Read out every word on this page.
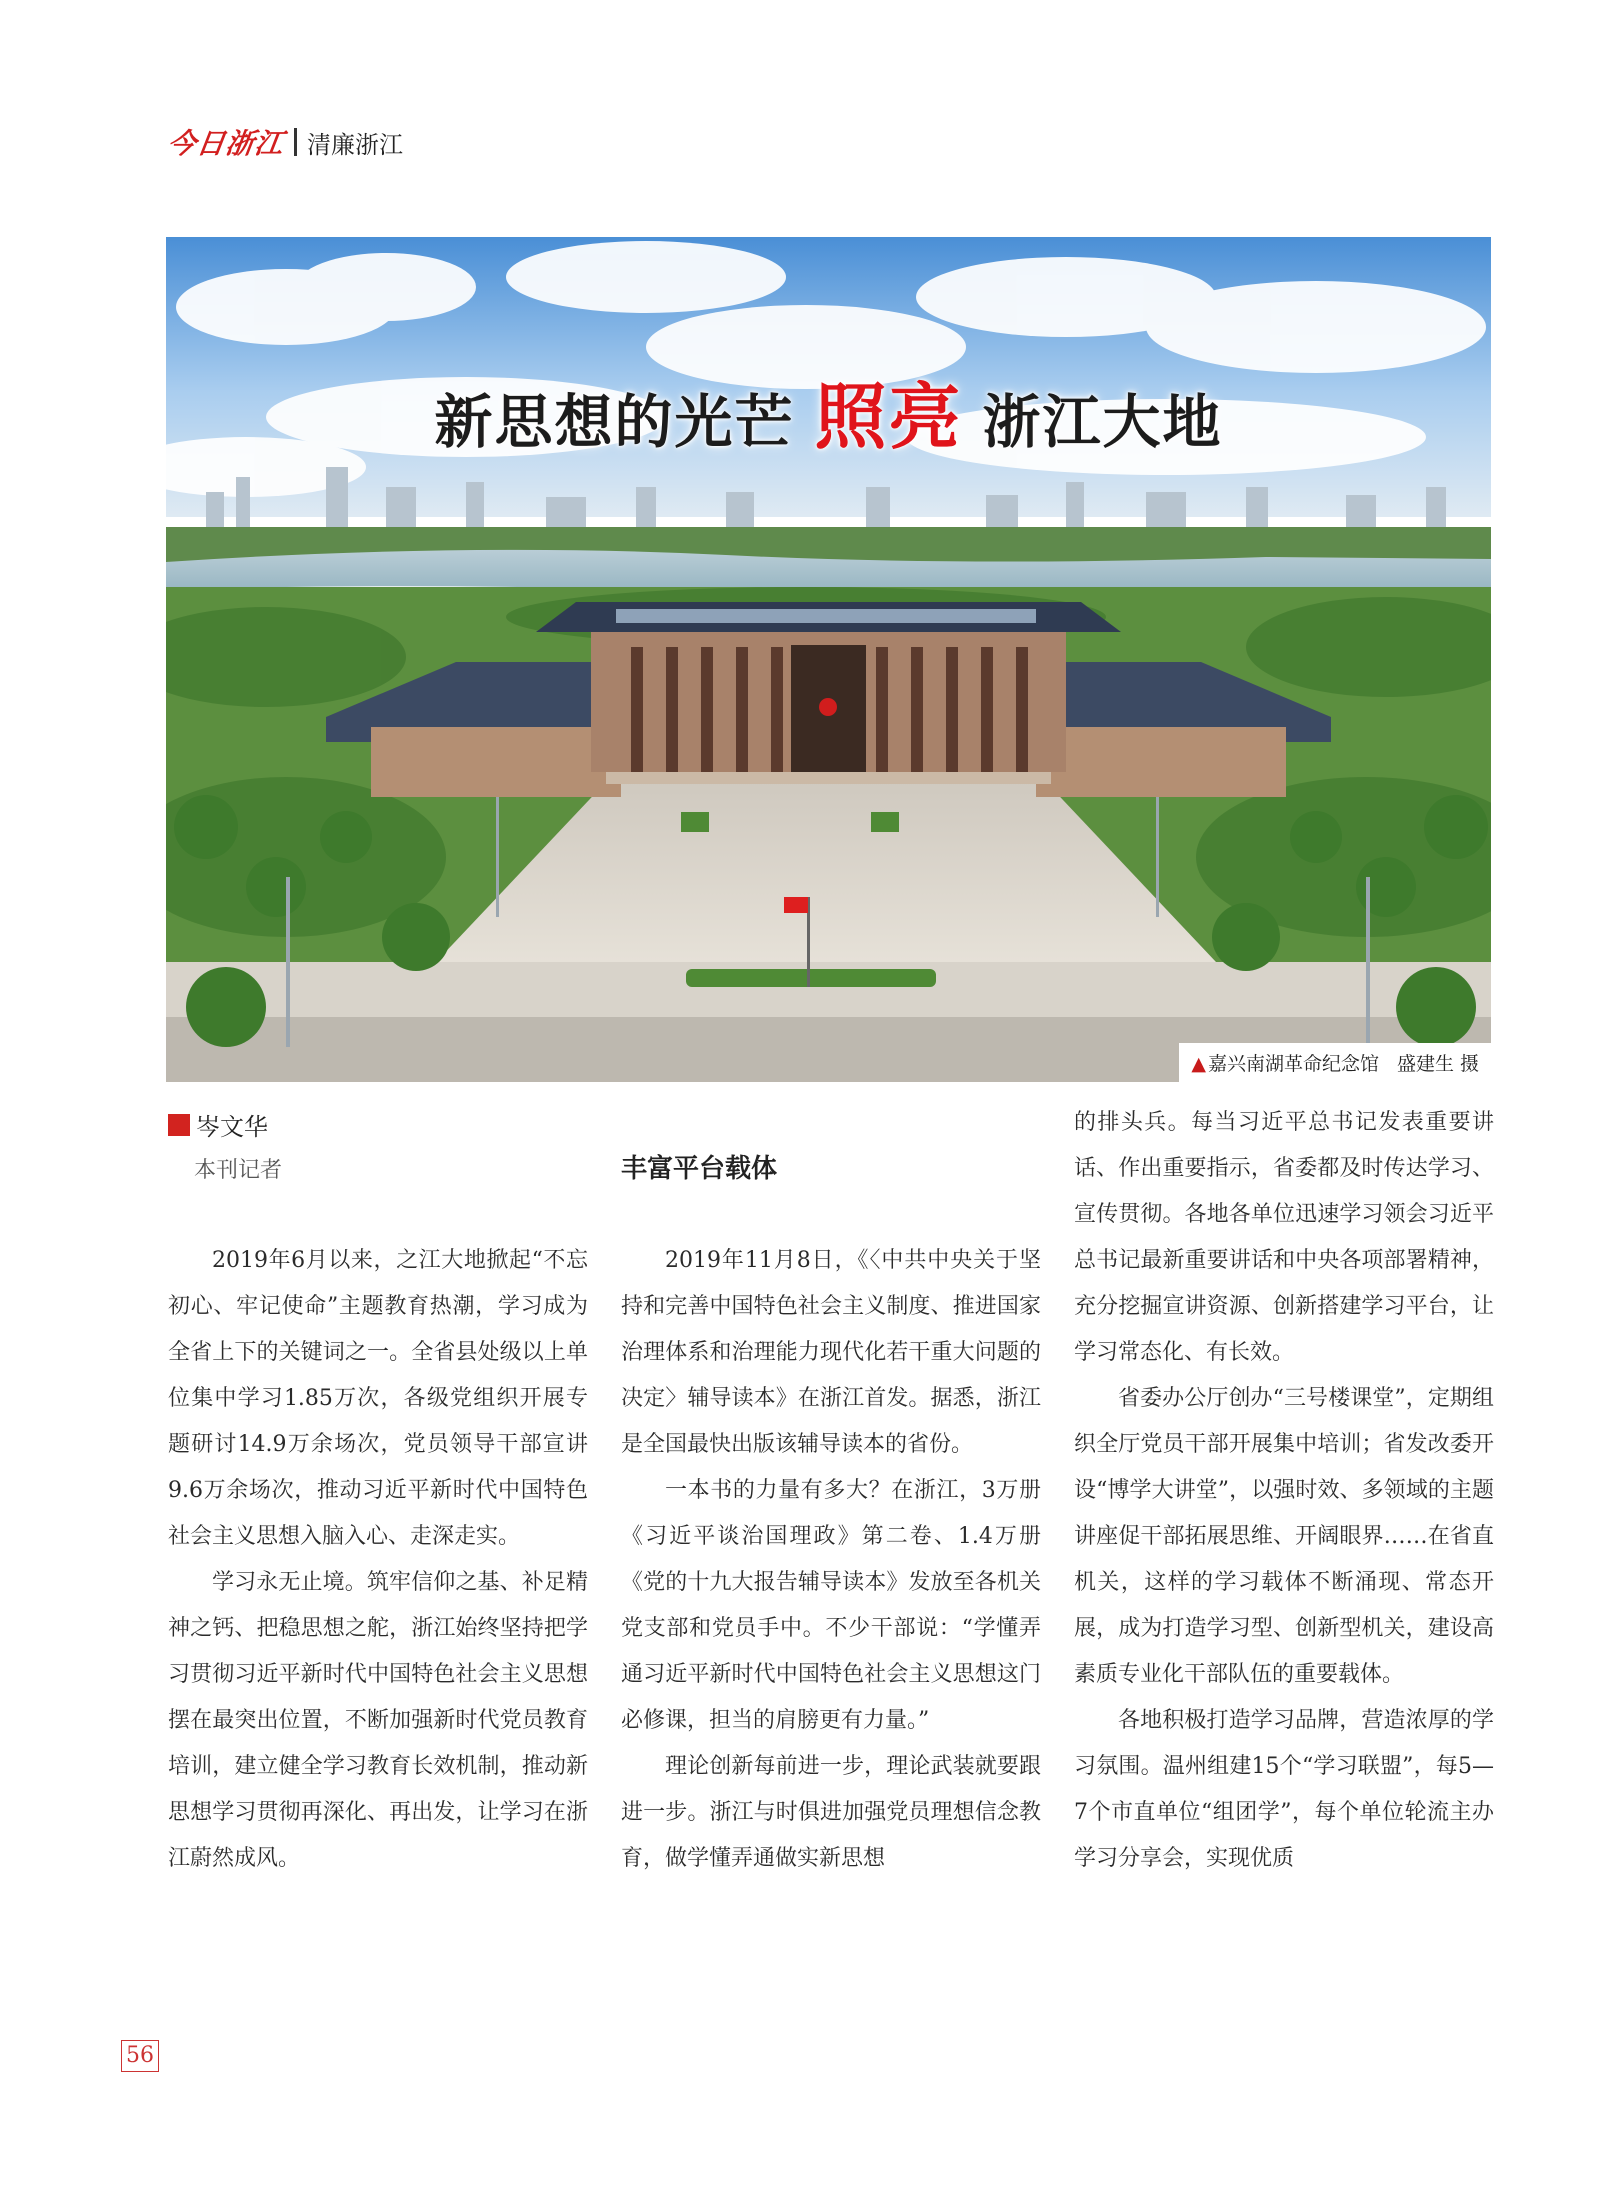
今日浙江 清廉浙江
新思想的光芒 照亮 浙江大地
▲ 嘉兴南湖革命纪念馆 盛建生 摄
岑文华
本刊记者	丰富平台载体

2019年6月以来，之江大地掀起“不忘初心、牢记使命”主题教育热潮，学习成为全省上下的关键词之一。全省县处级以上单位集中学习1.85万次，各级党组织开展专题研讨14.9万余场次，党员领导干部宣讲9.6万余场次，推动习近平新时代中国特色社会主义思想入脑入心、走深走实。

学习永无止境。筑牢信仰之基、补足精神之钙、把稳思想之舵，浙江始终坚持把学习贯彻习近平新时代中国特色社会主义思想摆在最突出位置，不断加强新时代党员教育培训，建立健全学习教育长效机制，推动新思想学习贯彻再深化、再出发，让学习在浙江蔚然成风。

2019年11月8日，《〈中共中央关于坚持和完善中国特色社会主义制度、推进国家治理体系和治理能力现代化若干重大问题的决定〉辅导读本》在浙江首发。据悉，浙江是全国最快出版该辅导读本的省份。

一本书的力量有多大？在浙江，3万册《习近平谈治国理政》第二卷、1.4万册《党的十九大报告辅导读本》发放至各机关党支部和党员手中。不少干部说：“学懂弄通习近平新时代中国特色社会主义思想这门必修课，担当的肩膀更有力量。”

理论创新每前进一步，理论武装就要跟进一步。浙江与时俱进加强党员理想信念教育，做学懂弄通做实新思想

的排头兵。每当习近平总书记发表重要讲话、作出重要指示，省委都及时传达学习、宣传贯彻。各地各单位迅速学习领会习近平总书记最新重要讲话和中央各项部署精神，充分挖掘宣讲资源、创新搭建学习平台，让学习常态化、有长效。

省委办公厅创办“三号楼课堂”，定期组织全厅党员干部开展集中培训；省发改委开设“博学大讲堂”，以强时效、多领域的主题讲座促干部拓展思维、开阔眼界……在省直机关，这样的学习载体不断涌现、常态开展，成为打造学习型、创新型机关，建设高素质专业化干部队伍的重要载体。

各地积极打造学习品牌，营造浓厚的学习氛围。温州组建15个“学习联盟”，每5—7个市直单位“组团学”，每个单位轮流主办学习分享会，实现优质

56
